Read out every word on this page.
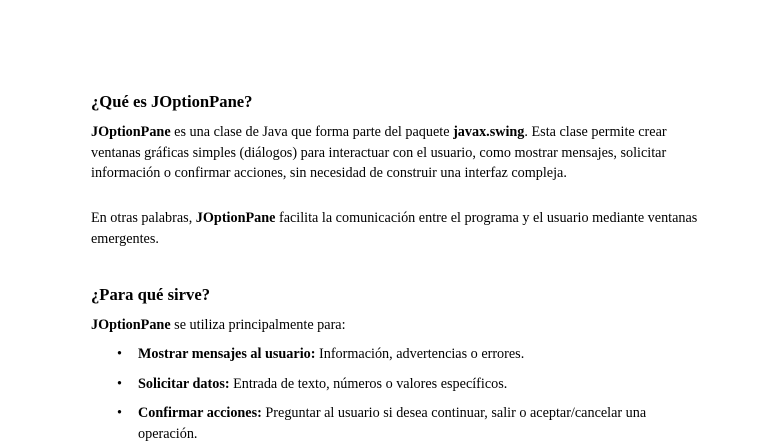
¿Qué es JOptionPane?

JOptionPane es una clase de Java que forma parte del paquete javax.swing. Esta clase permite crear ventanas gráficas simples (diálogos) para interactuar con el usuario, como mostrar mensajes, solicitar información o confirmar acciones, sin necesidad de construir una interfaz compleja.

En otras palabras, JOptionPane facilita la comunicación entre el programa y el usuario mediante ventanas emergentes.

¿Para qué sirve?

JOptionPane se utiliza principalmente para:

• Mostrar mensajes al usuario: Información, advertencias o errores.
• Solicitar datos: Entrada de texto, números o valores específicos.
• Confirmar acciones: Preguntar al usuario si desea continuar, salir o aceptar/cancelar una operación.
